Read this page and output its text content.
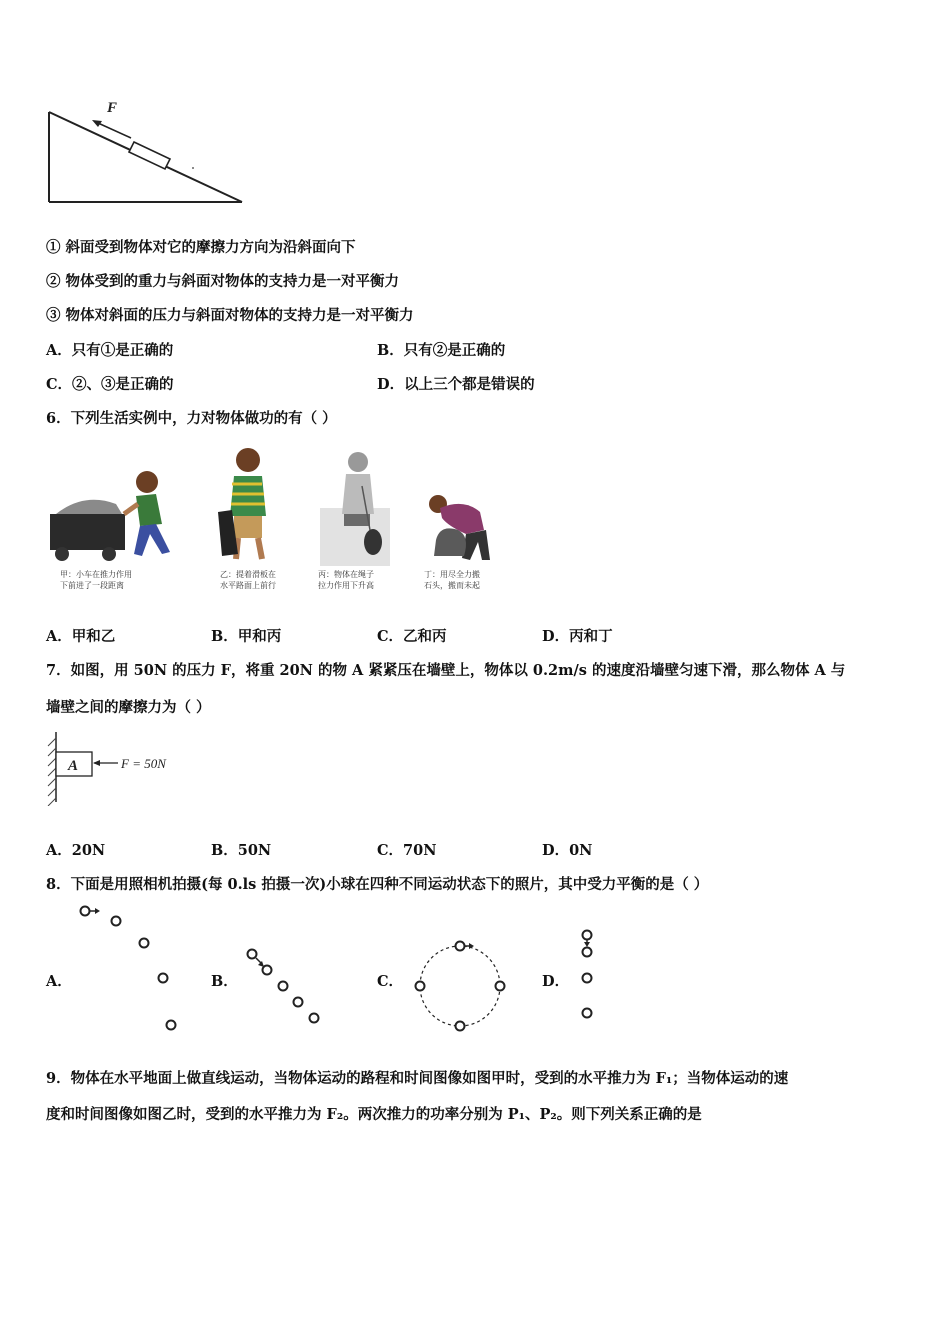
F
① 斜面受到物体对它的摩擦力方向为沿斜面向下
② 物体受到的重力与斜面对物体的支持力是一对平衡力
③ 物体对斜面的压力与斜面对物体的支持力是一对平衡力
A．只有①是正确的	B．只有②是正确的
C．②、③是正确的	D．以上三个都是错误的
6．下列生活实例中，力对物体做功的有（ ）
甲：小车在推力作用
下前进了一段距离
乙：提着滑板在
水平路面上前行
丙：物体在绳子
拉力作用下升高
丁：用尽全力搬
石头，搬而未起
A．甲和乙	B．甲和丙	C．乙和丙	D．丙和丁
7．如图，用 50N 的压力 F，将重 20N 的物 A 紧紧压在墙壁上，物体以 0.2m/s 的速度沿墙壁匀速下滑，那么物体 A 与
墙壁之间的摩擦力为（ ）
A	F = 50N
A．20N	B．50N	C．70N	D．0N
8．下面是用照相机拍摄(每 0.ls 拍摄一次)小球在四种不同运动状态下的照片，其中受力平衡的是（ ）
A．	B．	C．	D．
9．物体在水平地面上做直线运动，当物体运动的路程和时间图像如图甲时，受到的水平推力为 F₁；当物体运动的速
度和时间图像如图乙时，受到的水平推力为 F₂。两次推力的功率分别为 P₁、P₂。则下列关系正确的是
